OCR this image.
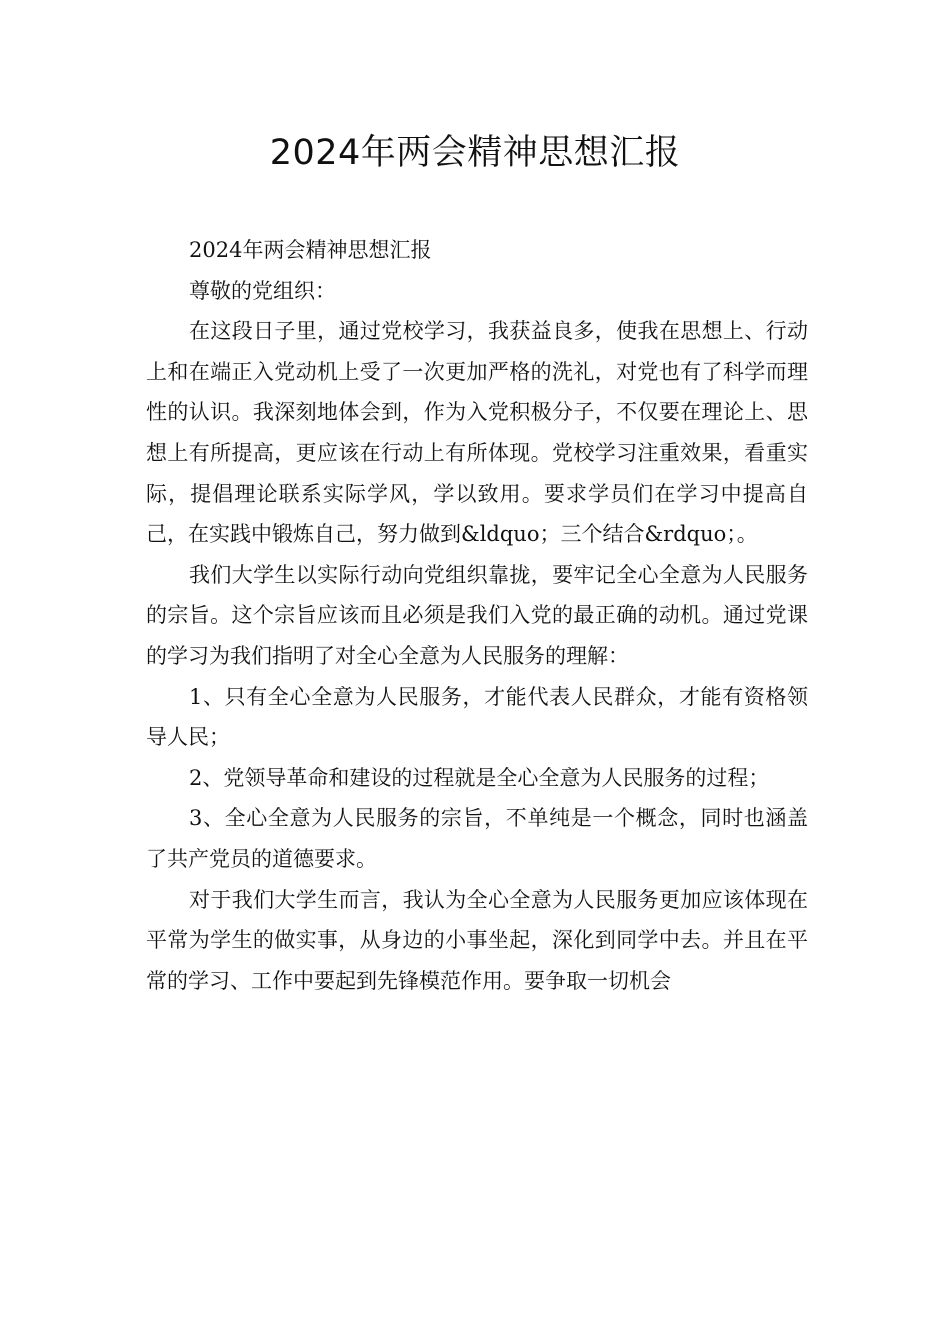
2024年两会精神思想汇报

2024年两会精神思想汇报

尊敬的党组织：

在这段日子里，通过党校学习，我获益良多，使我在思想上、行动上和在端正入党动机上受了一次更加严格的洗礼，对党也有了科学而理性的认识。我深刻地体会到，作为入党积极分子，不仅要在理论上、思想上有所提高，更应该在行动上有所体现。党校学习注重效果，看重实际，提倡理论联系实际学风，学以致用。要求学员们在学习中提高自己，在实践中锻炼自己，努力做到&ldquo；三个结合&rdquo；。

我们大学生以实际行动向党组织靠拢，要牢记全心全意为人民服务的宗旨。这个宗旨应该而且必须是我们入党的最正确的动机。通过党课的学习为我们指明了对全心全意为人民服务的理解：

1、只有全心全意为人民服务，才能代表人民群众，才能有资格领导人民；

2、党领导革命和建设的过程就是全心全意为人民服务的过程；

3、全心全意为人民服务的宗旨，不单纯是一个概念，同时也涵盖了共产党员的道德要求。

对于我们大学生而言，我认为全心全意为人民服务更加应该体现在平常为学生的做实事，从身边的小事坐起，深化到同学中去。并且在平常的学习、工作中要起到先锋模范作用。要争取一切机会
